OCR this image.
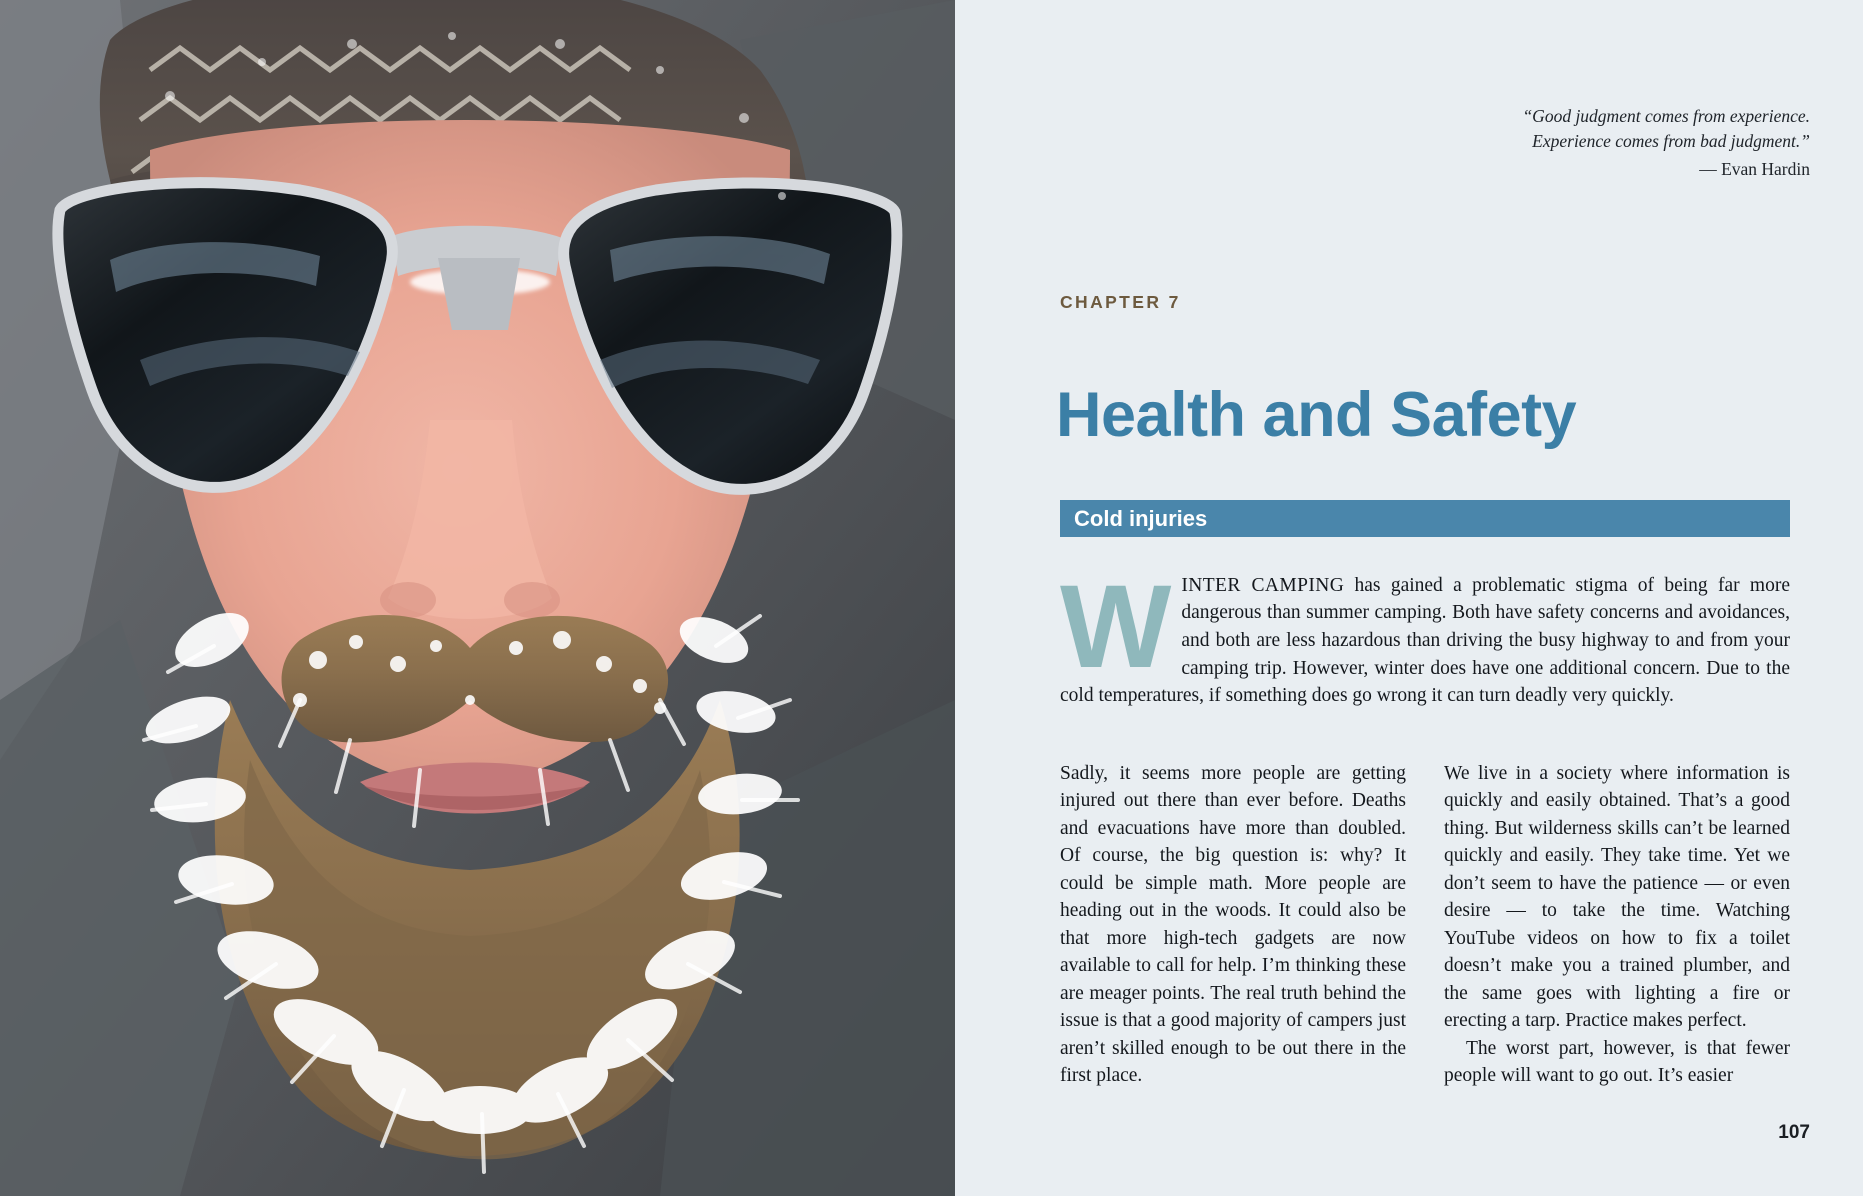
“Good judgment comes from experience.
Experience comes from bad judgment.”
— Evan Hardin
CHAPTER 7
Health and Safety
Cold injuries

WINTER CAMPING has gained a problematic stigma of being far more dangerous than summer camping. Both have safety concerns and avoidances, and both are less hazardous than driving the busy highway to and from your camping trip. However, winter does have one additional concern. Due to the cold temperatures, if something does go wrong it can turn deadly very quickly.

Sadly, it seems more people are getting injured out there than ever before. Deaths and evacuations have more than doubled. Of course, the big question is: why? It could be simple math. More people are heading out in the woods. It could also be that more high-tech gadgets are now available to call for help. I’m thinking these are meager points. The real truth behind the issue is that a good majority of campers just aren’t skilled enough to be out there in the first place.

We live in a society where information is quickly and easily obtained. That’s a good thing. But wilderness skills can’t be learned quickly and easily. They take time. Yet we don’t seem to have the patience — or even desire — to take the time. Watching YouTube videos on how to fix a toilet doesn’t make you a trained plumber, and the same goes with lighting a fire or erecting a tarp. Practice makes perfect.

The worst part, however, is that fewer people will want to go out. It’s easier

107
